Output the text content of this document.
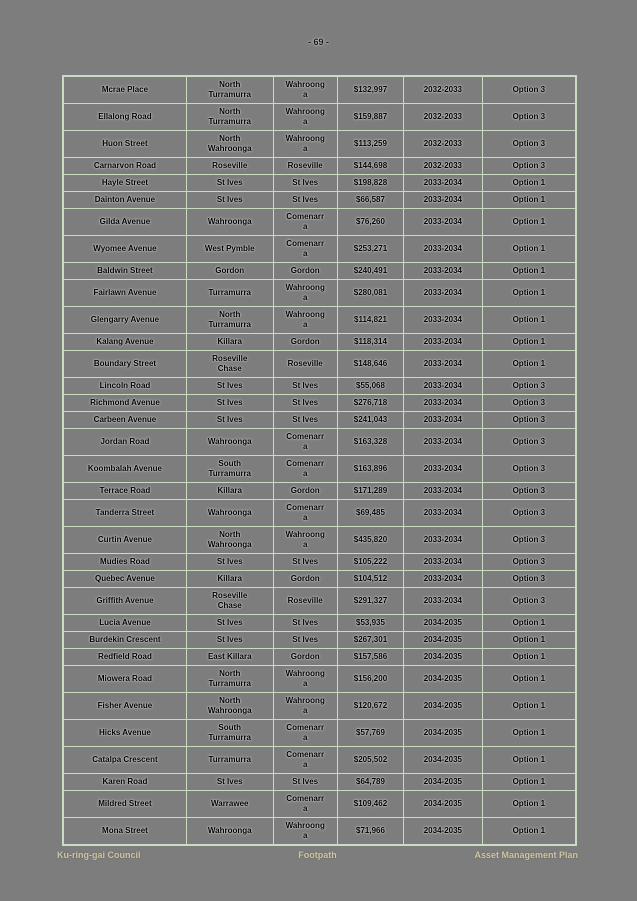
- 69 -
Mcrae Place	North Turramurra	Wahroonga	$132,997	2032-2033	Option 3
Ellalong Road	North Turramurra	Wahroonga	$159,887	2032-2033	Option 3
Huon Street	North Wahroonga	Wahroonga	$113,259	2032-2033	Option 3
Carnarvon Road	Roseville	Roseville	$144,698	2032-2033	Option 3
Hayle Street	St Ives	St Ives	$198,828	2033-2034	Option 1
Dainton Avenue	St Ives	St Ives	$66,587	2033-2034	Option 1
Gilda Avenue	Wahroonga	Comenarra	$76,260	2033-2034	Option 1
Wyomee Avenue	West Pymble	Comenarra	$253,271	2033-2034	Option 1
Baldwin Street	Gordon	Gordon	$240,491	2033-2034	Option 1
Fairlawn Avenue	Turramurra	Wahroonga	$280,081	2033-2034	Option 1
Glengarry Avenue	North Turramurra	Wahroonga	$114,821	2033-2034	Option 1
Kalang Avenue	Killara	Gordon	$118,314	2033-2034	Option 1
Boundary Street	Roseville Chase	Roseville	$148,646	2033-2034	Option 1
Lincoln Road	St Ives	St Ives	$55,068	2033-2034	Option 3
Richmond Avenue	St Ives	St Ives	$276,718	2033-2034	Option 3
Carbeen Avenue	St Ives	St Ives	$241,043	2033-2034	Option 3
Jordan Road	Wahroonga	Comenarra	$163,328	2033-2034	Option 3
Koombalah Avenue	South Turramurra	Comenarra	$163,896	2033-2034	Option 3
Terrace Road	Killara	Gordon	$171,289	2033-2034	Option 3
Tanderra Street	Wahroonga	Comenarra	$69,485	2033-2034	Option 3
Curtin Avenue	North Wahroonga	Wahroonga	$435,820	2033-2034	Option 3
Mudies Road	St Ives	St Ives	$105,222	2033-2034	Option 3
Quebec Avenue	Killara	Gordon	$104,512	2033-2034	Option 3
Griffith Avenue	Roseville Chase	Roseville	$291,327	2033-2034	Option 3
Lucia Avenue	St Ives	St Ives	$53,935	2034-2035	Option 1
Burdekin Crescent	St Ives	St Ives	$267,301	2034-2035	Option 1
Redfield Road	East Killara	Gordon	$157,586	2034-2035	Option 1
Miowera Road	North Turramurra	Wahroonga	$156,200	2034-2035	Option 1
Fisher Avenue	North Wahroonga	Wahroonga	$120,672	2034-2035	Option 1
Hicks Avenue	South Turramurra	Comenarra	$57,769	2034-2035	Option 1
Catalpa Crescent	Turramurra	Comenarra	$205,502	2034-2035	Option 1
Karen Road	St Ives	St Ives	$64,789	2034-2035	Option 1
Mildred Street	Warrawee	Comenarra	$109,462	2034-2035	Option 1
Mona Street	Wahroonga	Wahroonga	$71,966	2034-2035	Option 1
Ku-ring-gai Council	Footpath	Asset Management Plan
